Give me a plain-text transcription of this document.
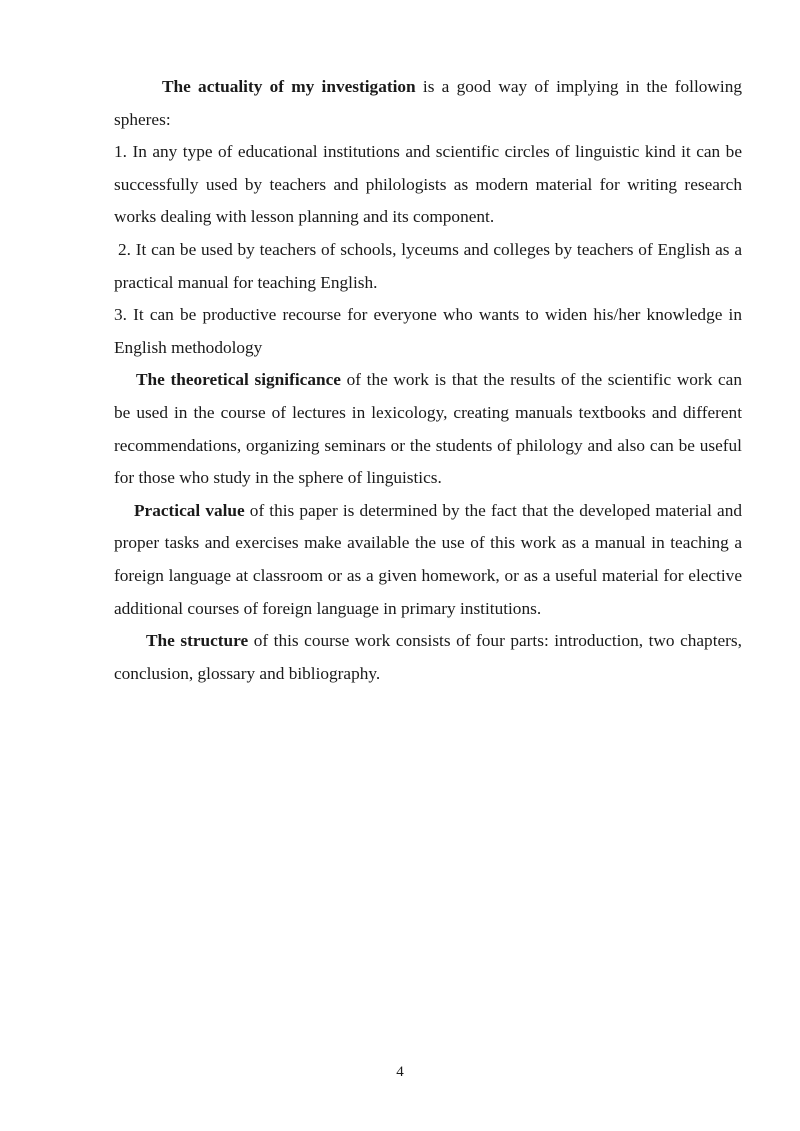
The actuality of my investigation is a good way of implying in the following spheres:

1. In any type of educational institutions and scientific circles of linguistic kind it can be successfully used by teachers and philologists as modern material for writing research works dealing with lesson planning and its component.

2. It can be used by teachers of schools, lyceums and colleges by teachers of English as a practical manual for teaching English.

3. It can be productive recourse for everyone who wants to widen his/her knowledge in English methodology

The theoretical significance of the work is that the results of the scientific work can be used in the course of lectures in lexicology, creating manuals textbooks and different recommendations, organizing seminars or the students of philology and also can be useful for those who study in the sphere of linguistics.

Practical value of this paper is determined by the fact that the developed material and proper tasks and exercises make available the use of this work as a manual in teaching a foreign language at classroom or as a given homework, or as a useful material for elective additional courses of foreign language in primary institutions.

The structure of this course work consists of four parts: introduction, two chapters, conclusion, glossary and bibliography.

4
